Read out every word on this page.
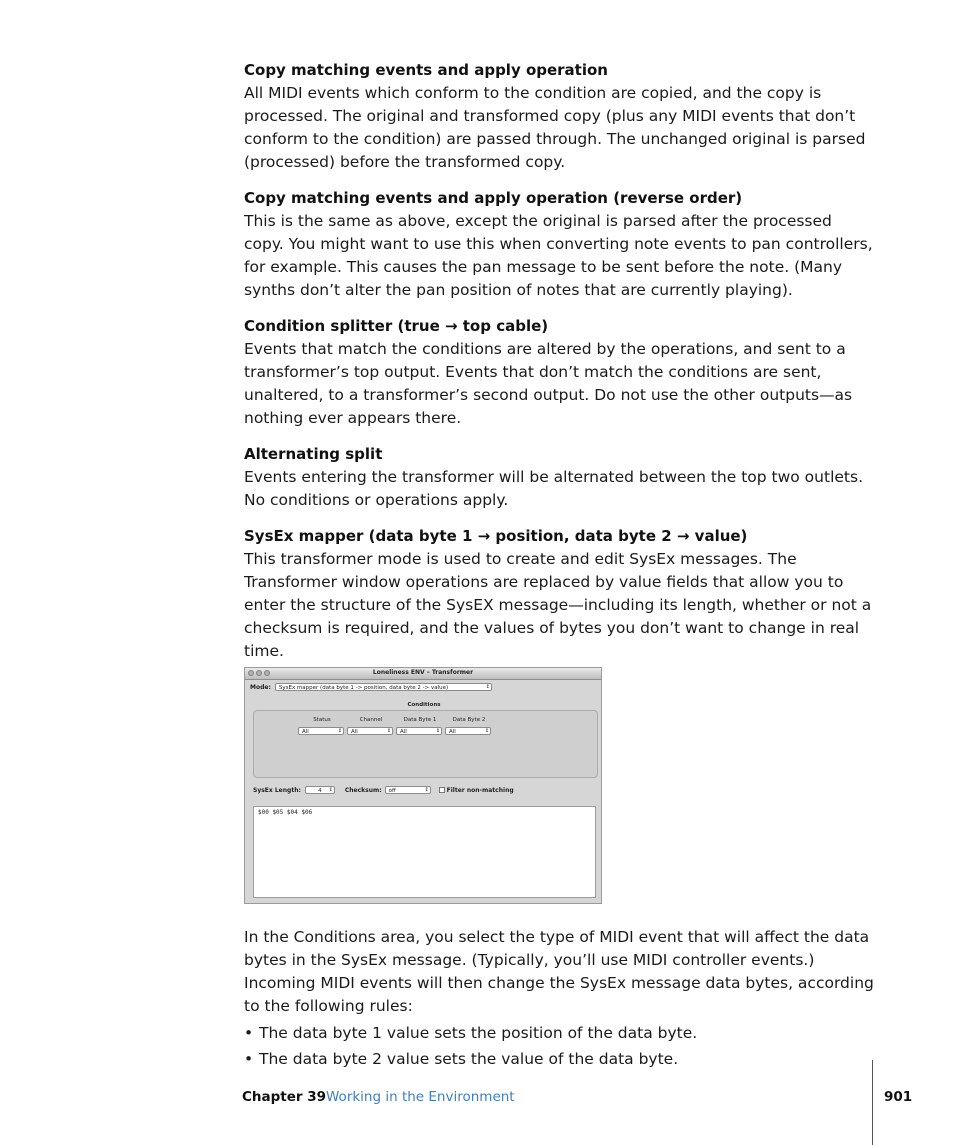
Copy matching events and apply operation

All MIDI events which conform to the condition are copied, and the copy is processed. The original and transformed copy (plus any MIDI events that don’t conform to the condition) are passed through. The unchanged original is parsed (processed) before the transformed copy.

Copy matching events and apply operation (reverse order)

This is the same as above, except the original is parsed after the processed copy. You might want to use this when converting note events to pan controllers, for example. This causes the pan message to be sent before the note. (Many synths don’t alter the pan position of notes that are currently playing).

Condition splitter (true → top cable)

Events that match the conditions are altered by the operations, and sent to a transformer’s top output. Events that don’t match the conditions are sent, unaltered, to a transformer’s second output. Do not use the other outputs—as nothing ever appears there.

Alternating split

Events entering the transformer will be alternated between the top two outlets. No conditions or operations apply.

SysEx mapper (data byte 1 → position, data byte 2 → value)

This transformer mode is used to create and edit SysEx messages. The Transformer window operations are replaced by value fields that allow you to enter the structure of the SysEX message—including its length, whether or not a checksum is required, and the values of bytes you don’t want to change in real time.

Loneliness ENV – Transformer
Mode:	SysEx mapper (data byte 1 -> position, data byte 2 -> value) ↕
Conditions
Status	Channel	Data Byte 1	Data Byte 2
All ↕	All ↕	All ↕	All ↕
SysEx Length:	4 ↕	Checksum:	off ↕	Filter non-matching
$00 $05 $04 $06

In the Conditions area, you select the type of MIDI event that will affect the data bytes in the SysEx message. (Typically, you’ll use MIDI controller events.) Incoming MIDI events will then change the SysEx message data bytes, according to the following rules:

• The data byte 1 value sets the position of the data byte.
• The data byte 2 value sets the value of the data byte.
Chapter 39 Working in the Environment	901
